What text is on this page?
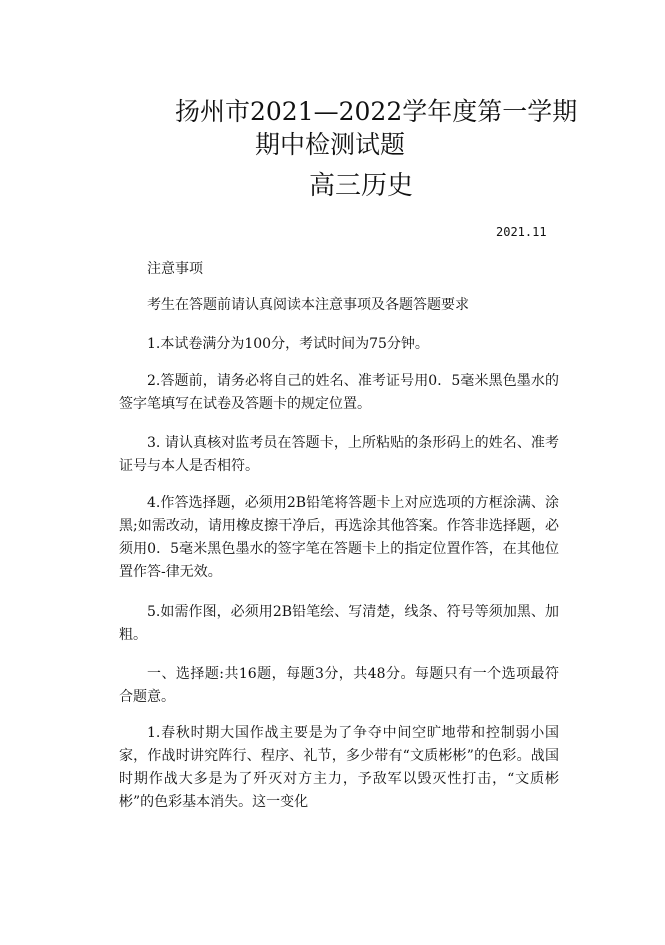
扬州市2021—2022学年度第一学期
期中检测试题
高三历史
2021.11

注意事项

考生在答题前请认真阅读本注意事项及各题答题要求

1.本试卷满分为100分，考试时间为75分钟。

2.答题前，请务必将自己的姓名、准考证号用0．5毫米黑色墨水的签字笔填写在试卷及答题卡的规定位置。

3. 请认真核对监考员在答题卡，上所粘贴的条形码上的姓名、准考证号与本人是否相符。

4.作答选择题，必须用2B铅笔将答题卡上对应选项的方框涂满、涂黑;如需改动，请用橡皮擦干净后，再选涂其他答案。作答非选择题，必须用0．5毫米黑色墨水的签字笔在答题卡上的指定位置作答，在其他位置作答-律无效。

5.如需作图，必须用2B铅笔绘、写清楚，线条、符号等须加黑、加粗。

一、选择题:共16题，每题3分，共48分。每题只有一个选项最符合题意。

1.春秋时期大国作战主要是为了争夺中间空旷地带和控制弱小国家，作战时讲究阵行、程序、礼节，多少带有“文质彬彬”的色彩。战国时期作战大多是为了歼灭对方主力，予敌军以毁灭性打击，“文质彬彬”的色彩基本消失。这一变化
